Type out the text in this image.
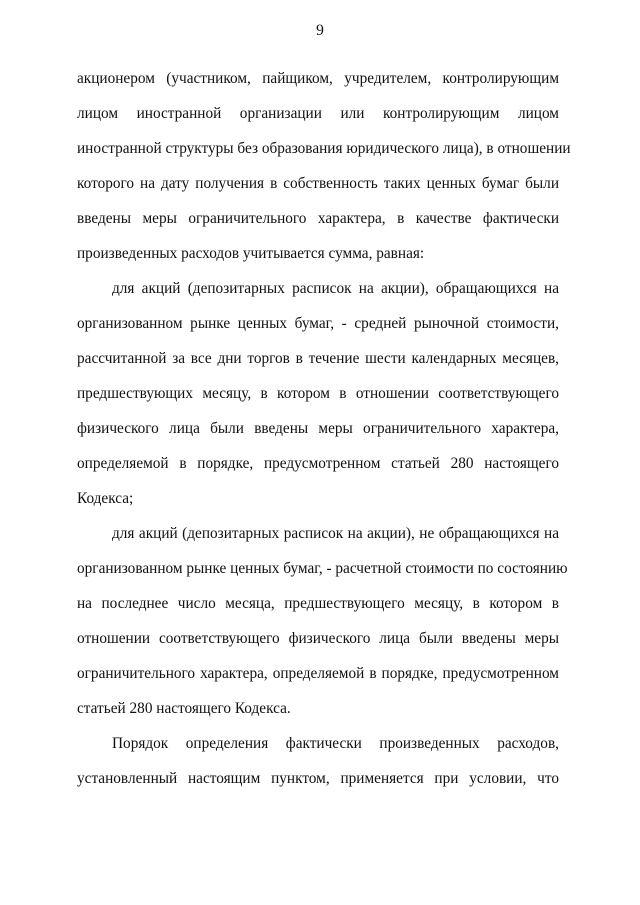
9
акционером (участником, пайщиком, учредителем, контролирующим
лицом иностранной организации или контролирующим лицом
иностранной структуры без образования юридического лица), в отношении
которого на дату получения в собственность таких ценных бумаг были
введены меры ограничительного характера, в качестве фактически
произведенных расходов учитывается сумма, равная:
для акций (депозитарных расписок на акции), обращающихся на
организованном рынке ценных бумаг, - средней рыночной стоимости,
рассчитанной за все дни торгов в течение шести календарных месяцев,
предшествующих месяцу, в котором в отношении соответствующего
физического лица были введены меры ограничительного характера,
определяемой в порядке, предусмотренном статьей 280 настоящего
Кодекса;
для акций (депозитарных расписок на акции), не обращающихся на
организованном рынке ценных бумаг, - расчетной стоимости по состоянию
на последнее число месяца, предшествующего месяцу, в котором в
отношении соответствующего физического лица были введены меры
ограничительного характера, определяемой в порядке, предусмотренном
статьей 280 настоящего Кодекса.
Порядок определения фактически произведенных расходов,
установленный настоящим пунктом, применяется при условии, что
